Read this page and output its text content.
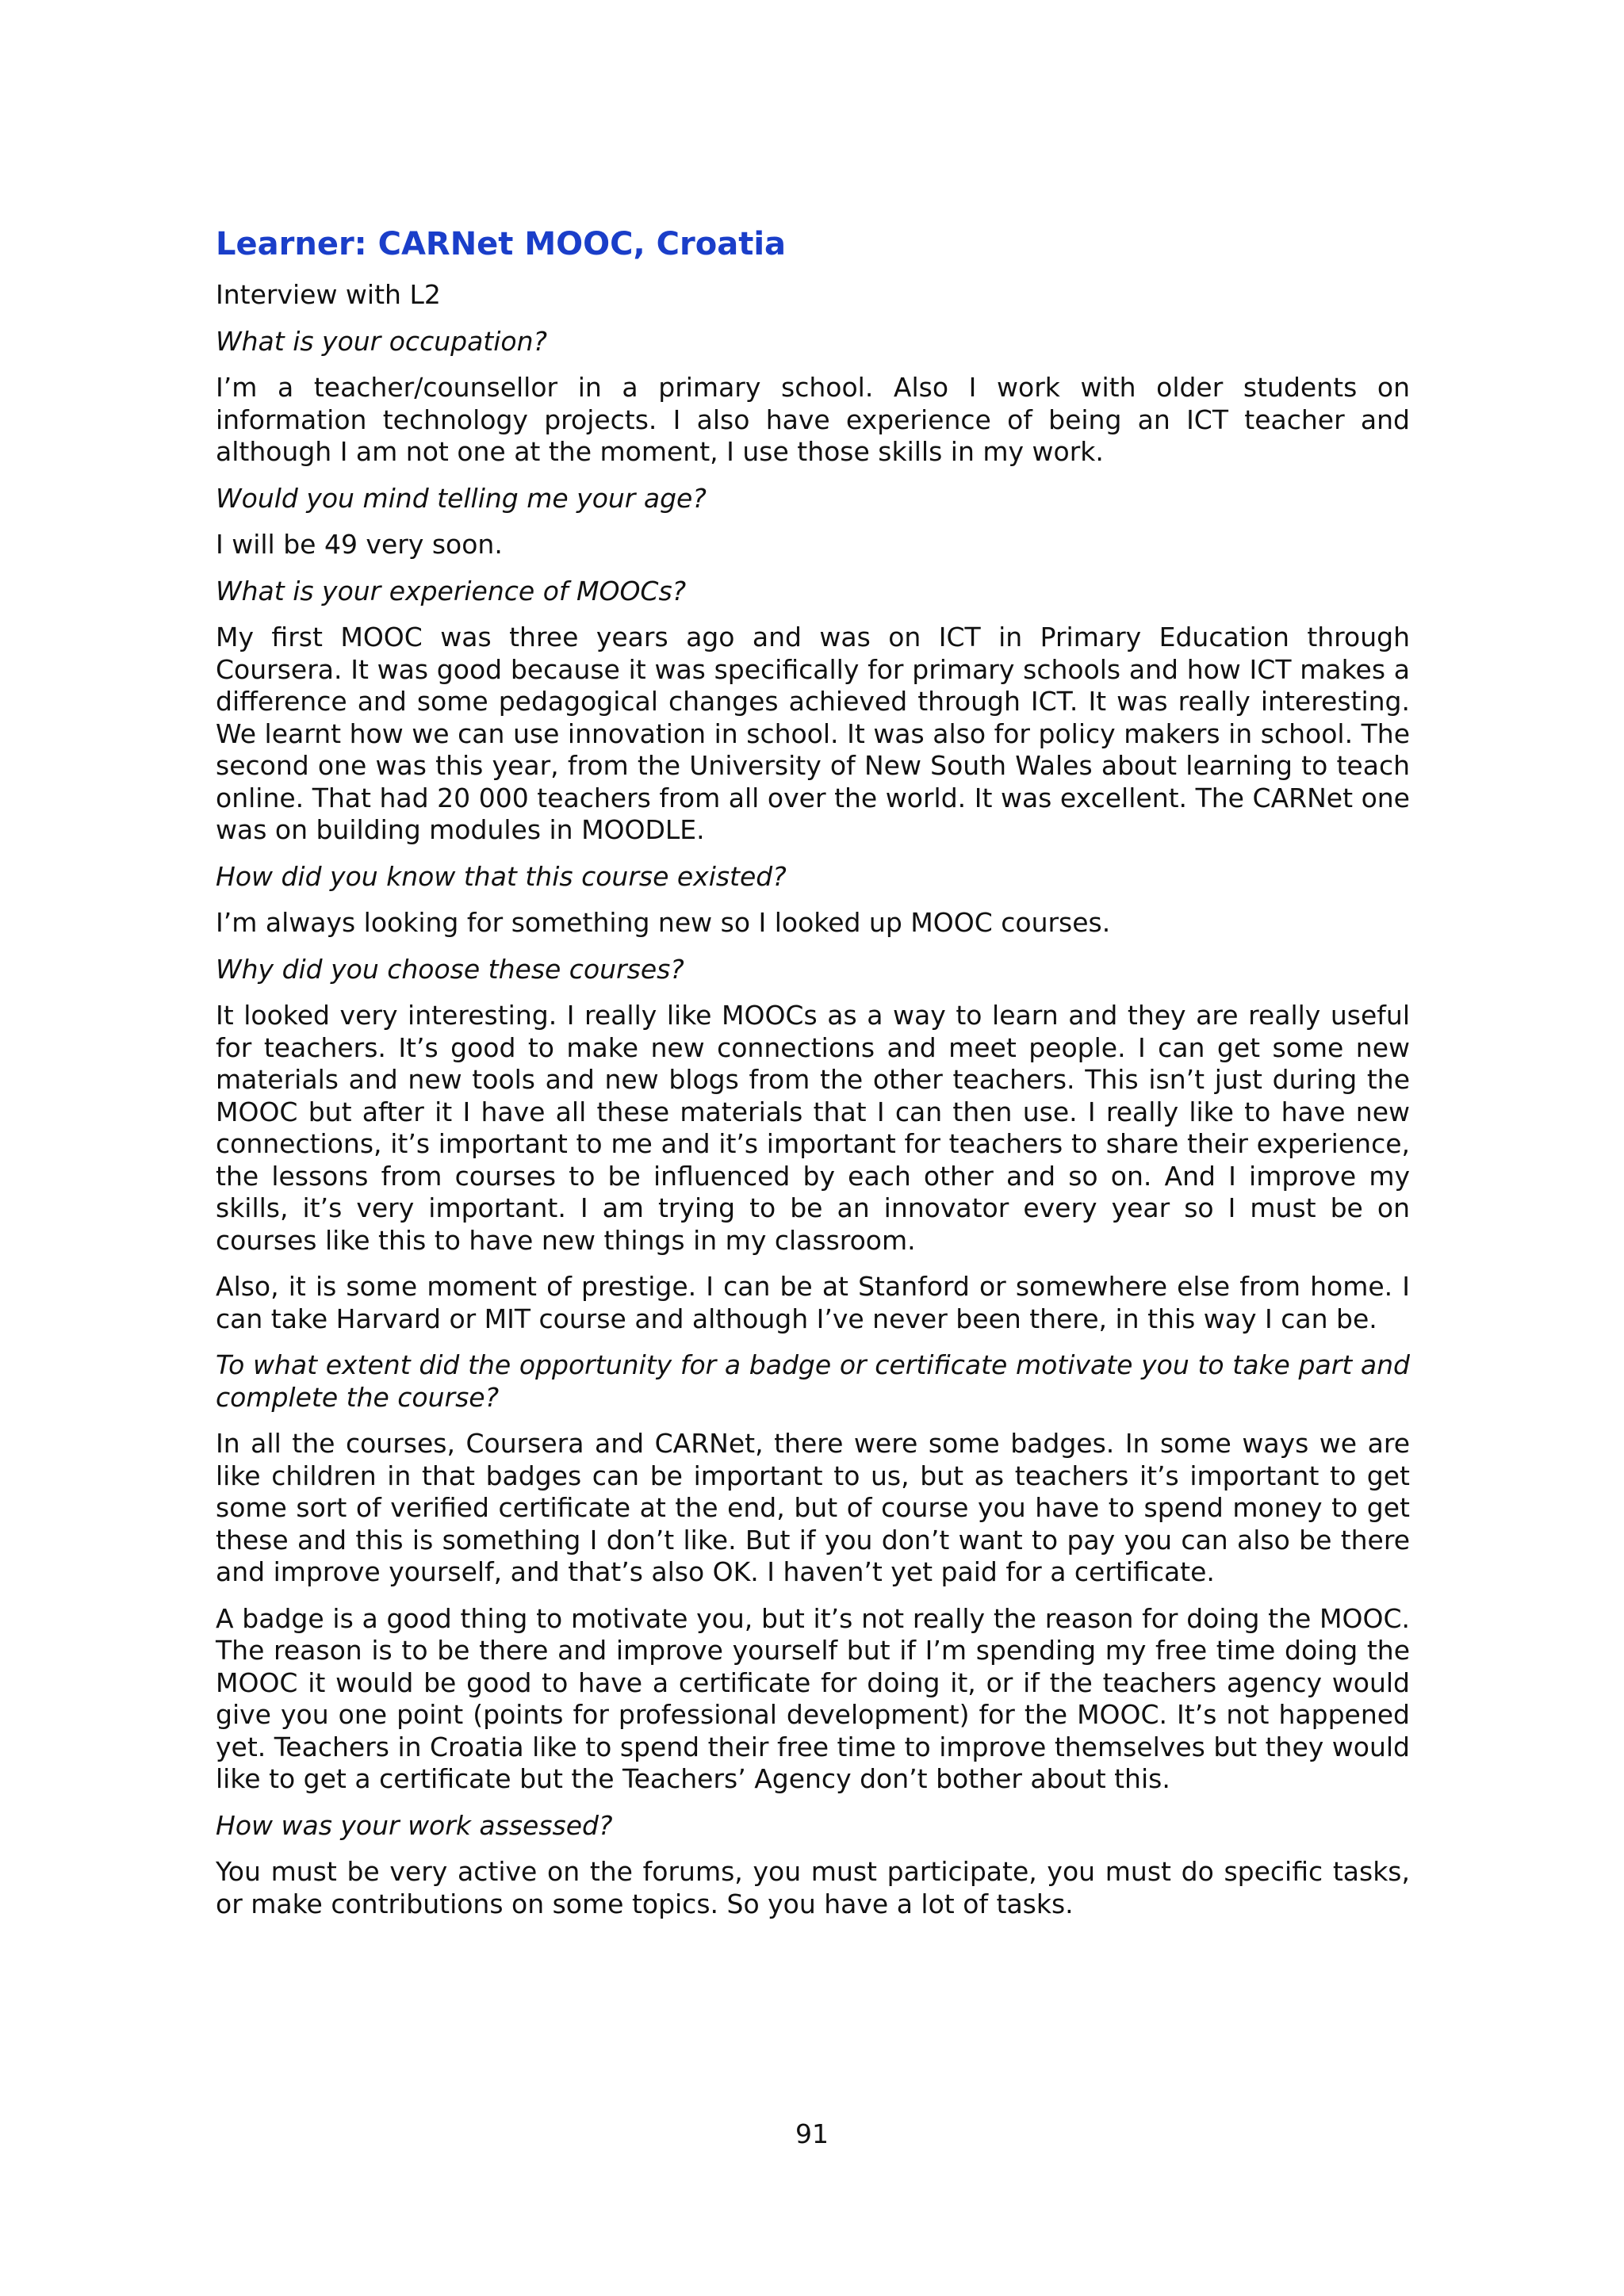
Learner: CARNet MOOC, Croatia

Interview with L2

What is your occupation?

I’m a teacher/counsellor in a primary school. Also I work with older students on information technology projects. I also have experience of being an ICT teacher and although I am not one at the moment, I use those skills in my work.

Would you mind telling me your age?

I will be 49 very soon.

What is your experience of MOOCs?

My first MOOC was three years ago and was on ICT in Primary Education through Coursera. It was good because it was specifically for primary schools and how ICT makes a difference and some pedagogical changes achieved through ICT. It was really interesting. We learnt how we can use innovation in school. It was also for policy makers in school. The second one was this year, from the University of New South Wales about learning to teach online. That had 20 000 teachers from all over the world. It was excellent. The CARNet one was on building modules in MOODLE.

How did you know that this course existed?

I’m always looking for something new so I looked up MOOC courses.

Why did you choose these courses?

It looked very interesting. I really like MOOCs as a way to learn and they are really useful for teachers. It’s good to make new connections and meet people. I can get some new materials and new tools and new blogs from the other teachers. This isn’t just during the MOOC but after it I have all these materials that I can then use. I really like to have new connections, it’s important to me and it’s important for teachers to share their experience, the lessons from courses to be influenced by each other and so on. And I improve my skills, it’s very important. I am trying to be an innovator every year so I must be on courses like this to have new things in my classroom.

Also, it is some moment of prestige. I can be at Stanford or somewhere else from home. I can take Harvard or MIT course and although I’ve never been there, in this way I can be.

To what extent did the opportunity for a badge or certificate motivate you to take part and complete the course?

In all the courses, Coursera and CARNet, there were some badges. In some ways we are like children in that badges can be important to us, but as teachers it’s important to get some sort of verified certificate at the end, but of course you have to spend money to get these and this is something I don’t like. But if you don’t want to pay you can also be there and improve yourself, and that’s also OK. I haven’t yet paid for a certificate.

A badge is a good thing to motivate you, but it’s not really the reason for doing the MOOC. The reason is to be there and improve yourself but if I’m spending my free time doing the MOOC it would be good to have a certificate for doing it, or if the teachers agency would give you one point (points for professional development) for the MOOC. It’s not happened yet. Teachers in Croatia like to spend their free time to improve themselves but they would like to get a certificate but the Teachers’ Agency don’t bother about this.

How was your work assessed?

You must be very active on the forums, you must participate, you must do specific tasks, or make contributions on some topics. So you have a lot of tasks.

91
